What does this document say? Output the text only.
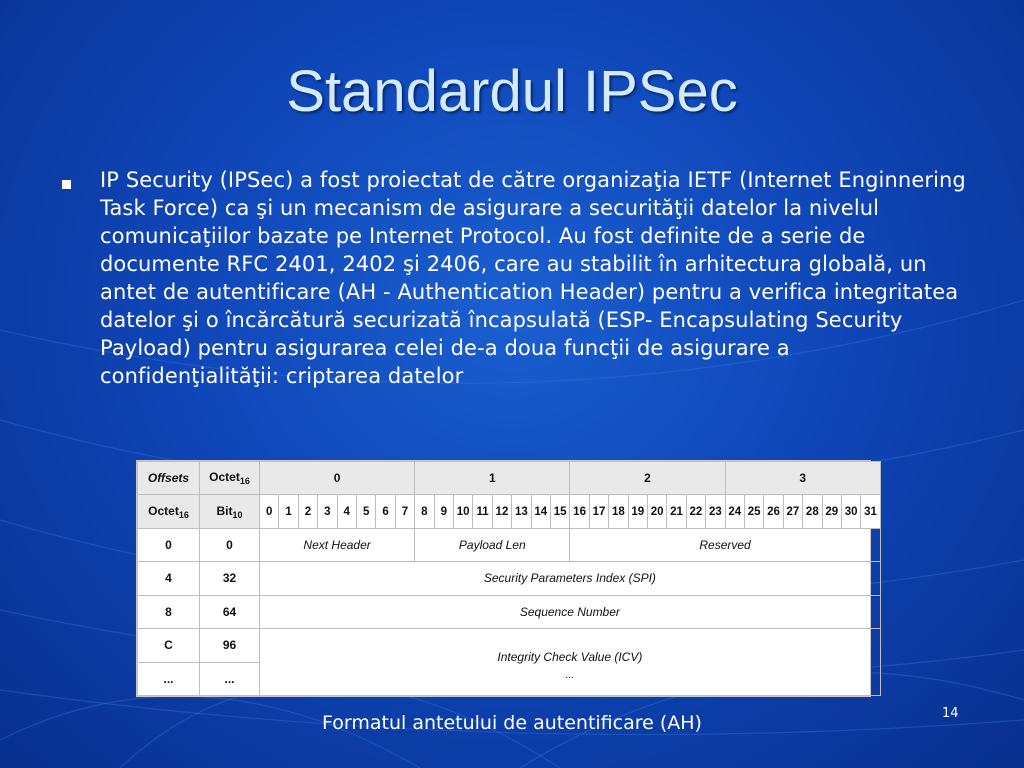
Standardul IPSec
IP Security (IPSec) a fost proiectat de către organizaţia IETF (Internet Enginnering Task Force) ca şi un mecanism de asigurare a securităţii datelor la nivelul comunicaţiilor bazate pe Internet Protocol. Au fost definite de a serie de documente RFC 2401, 2402 şi 2406, care au stabilit în arhitectura globală, un antet de autentificare (AH - Authentication Header) pentru a verifica integritatea datelor şi o încărcătură securizată încapsulată (ESP- Encapsulating Security Payload) pentru asigurarea celei de-a doua funcţii de asigurare a confidenţialităţii: criptarea datelor
Offsets	Octet$_{16}$	0								1								2								3							
Octet$_{16}$	Bit$_{10}$	0	1	2	3	4	5	6	7	8	9	10	11	12	13	14	15	16	17	18	19	20	21	22	23	24	25	26	27	28	29	30	31
0	0	Next Header								Payload Len								Reserved															
4	32	Security Parameters Index (SPI)																															
8	64	Sequence Number																															
C	96	Integrity Check Value (ICV)
...																															

...	...																																
Formatul antetului de autentificare (AH)	14
